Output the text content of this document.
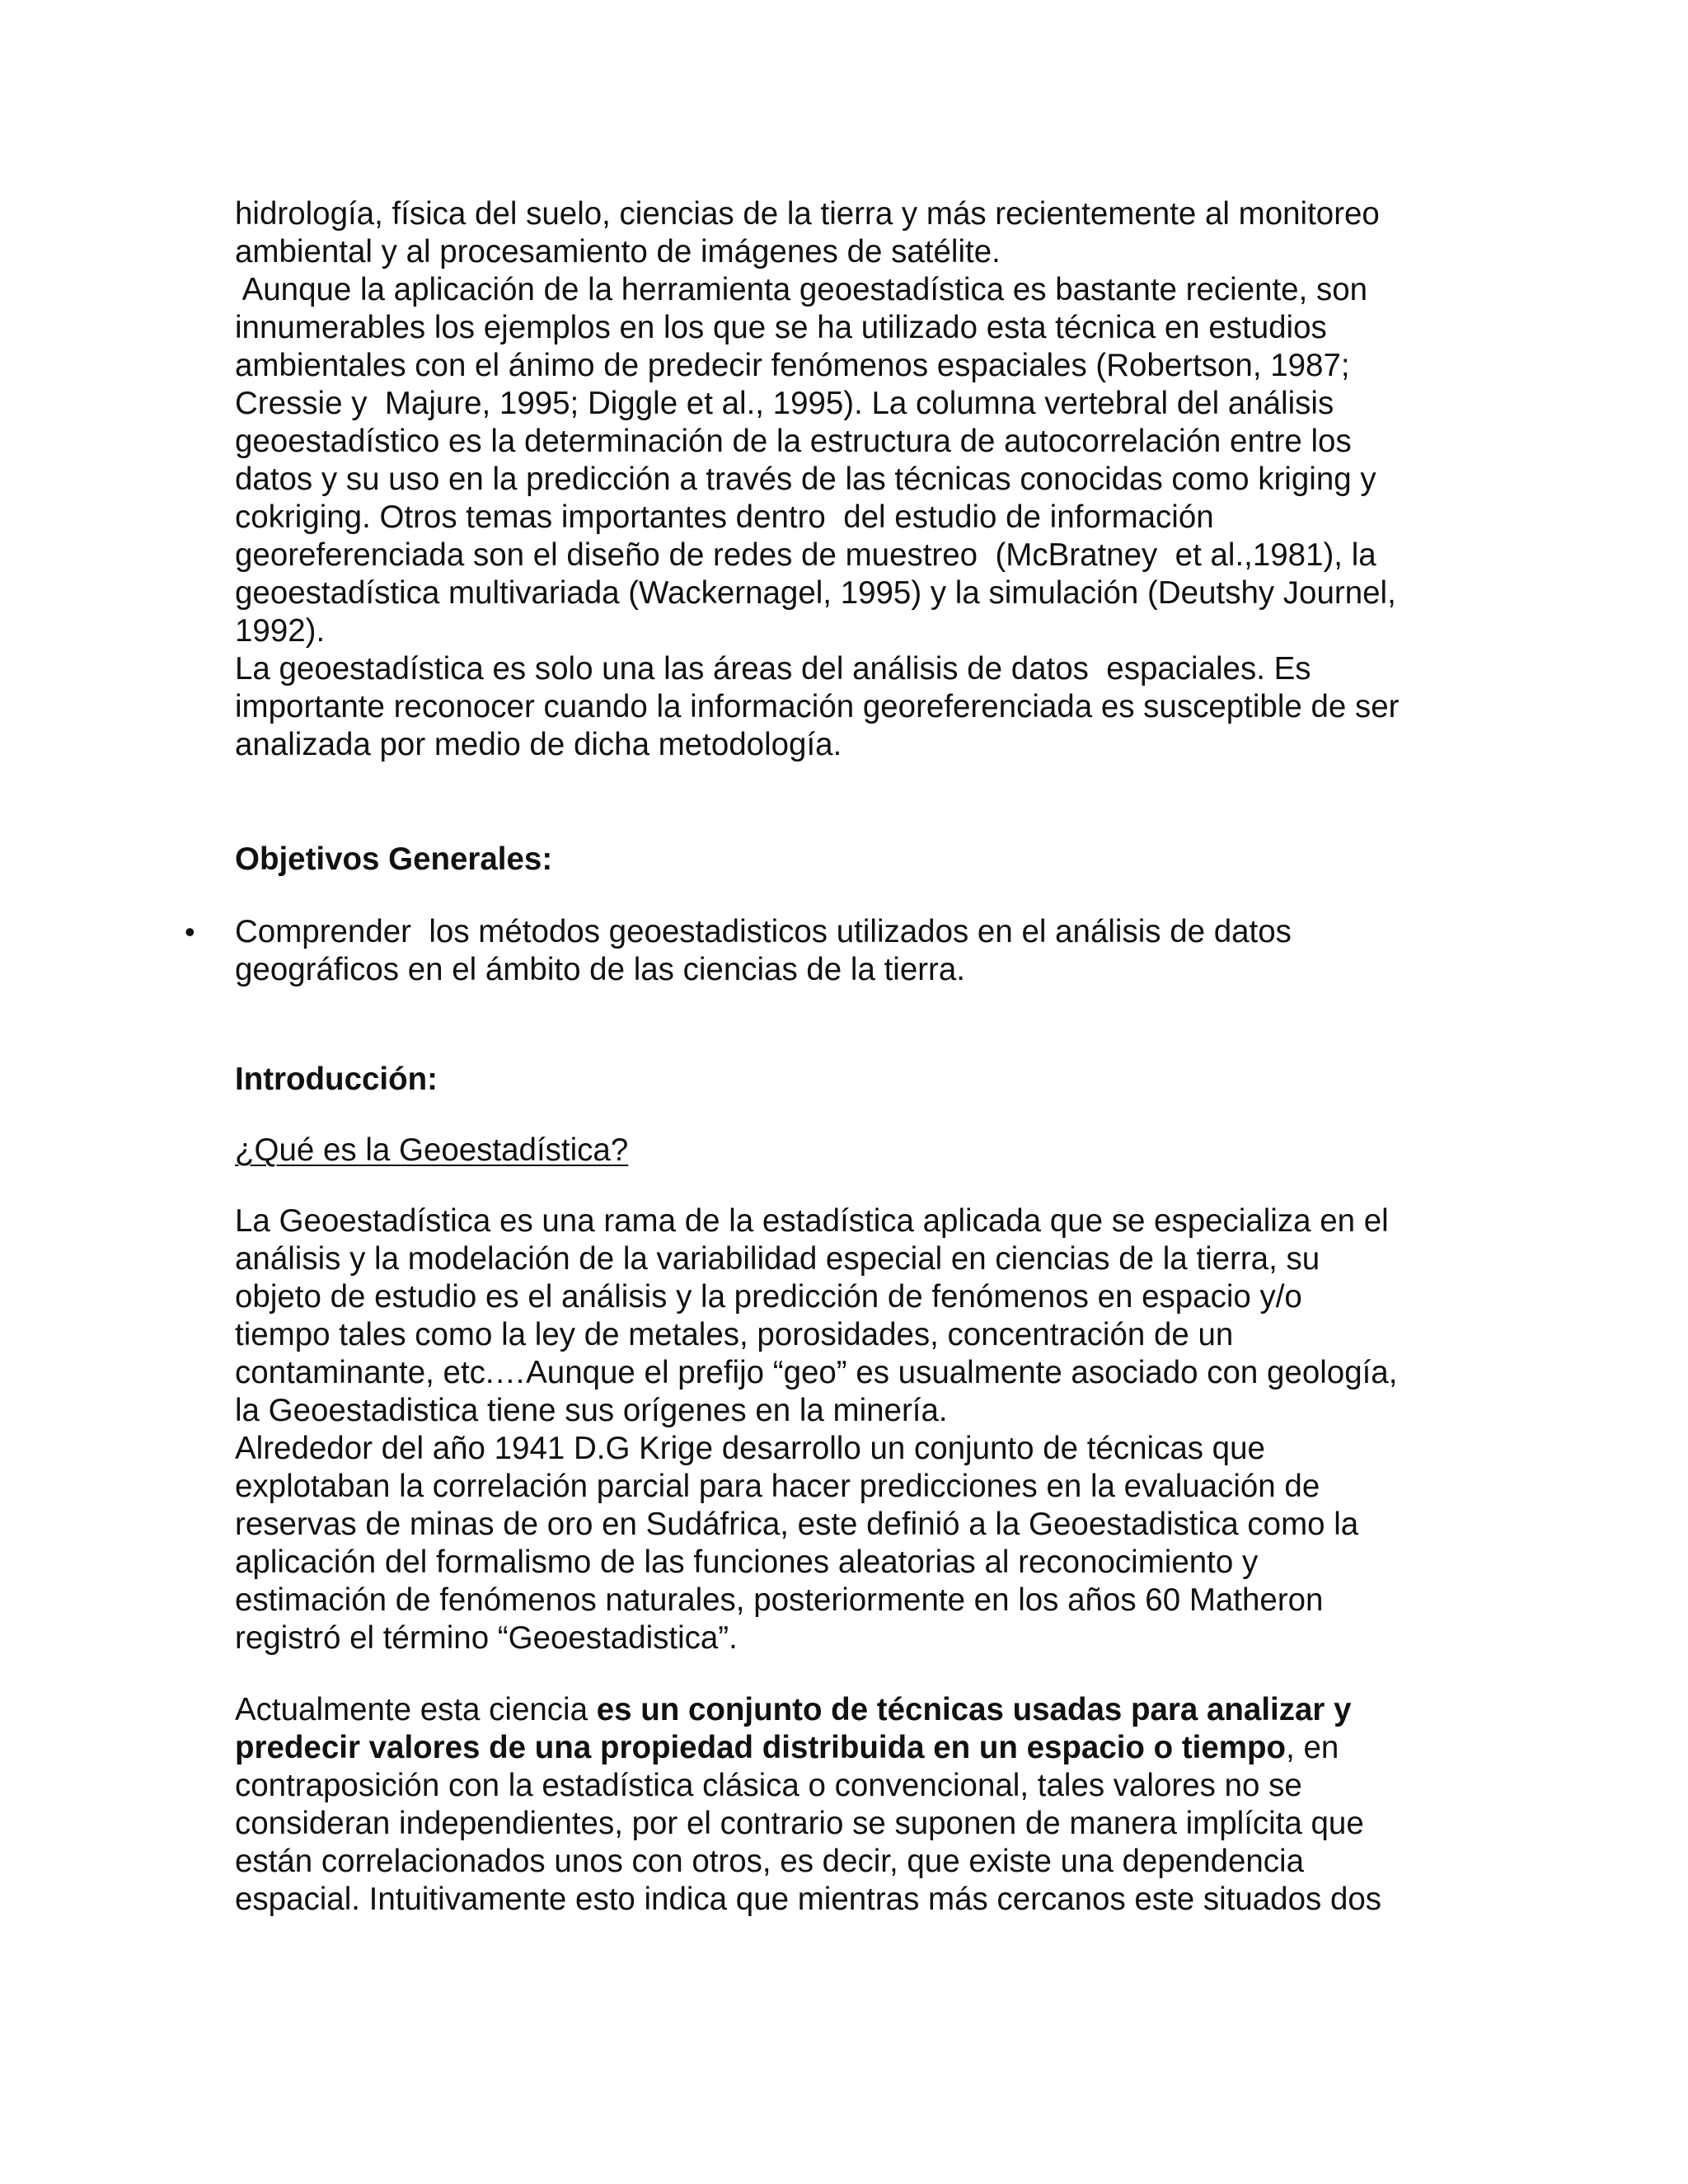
hidrología, física del suelo, ciencias de la tierra y más recientemente al monitoreo

ambiental y al procesamiento de imágenes de satélite.

Aunque la aplicación de la herramienta geoestadística es bastante reciente, son

innumerables los ejemplos en los que se ha utilizado esta técnica en estudios

ambientales con el ánimo de predecir fenómenos espaciales (Robertson, 1987;

Cressie y  Majure, 1995; Diggle et al., 1995). La columna vertebral del análisis

geoestadístico es la determinación de la estructura de autocorrelación entre los

datos y su uso en la predicción a través de las técnicas conocidas como kriging y

cokriging. Otros temas importantes dentro  del estudio de información

georeferenciada son el diseño de redes de muestreo  (McBratney  et al.,1981), la

geoestadística multivariada (Wackernagel, 1995) y la simulación (Deutshy Journel,

1992).

La geoestadística es solo una las áreas del análisis de datos  espaciales. Es

importante reconocer cuando la información georeferenciada es susceptible de ser

analizada por medio de dicha metodología.

Objetivos Generales:

• Comprender  los métodos geoestadisticos utilizados en el análisis de datos

geográficos en el ámbito de las ciencias de la tierra.

Introducción:

¿Qué es la Geoestadística?

La Geoestadística es una rama de la estadística aplicada que se especializa en el

análisis y la modelación de la variabilidad especial en ciencias de la tierra, su

objeto de estudio es el análisis y la predicción de fenómenos en espacio y/o

tiempo tales como la ley de metales, porosidades, concentración de un

contaminante, etc.…Aunque el prefijo “geo” es usualmente asociado con geología,

la Geoestadistica tiene sus orígenes en la minería.

Alrededor del año 1941 D.G Krige desarrollo un conjunto de técnicas que

explotaban la correlación parcial para hacer predicciones en la evaluación de

reservas de minas de oro en Sudáfrica, este definió a la Geoestadistica como la

aplicación del formalismo de las funciones aleatorias al reconocimiento y

estimación de fenómenos naturales, posteriormente en los años 60 Matheron

registró el término “Geoestadistica”.

Actualmente esta ciencia es un conjunto de técnicas usadas para analizar y

predecir valores de una propiedad distribuida en un espacio o tiempo, en

contraposición con la estadística clásica o convencional, tales valores no se

consideran independientes, por el contrario se suponen de manera implícita que

están correlacionados unos con otros, es decir, que existe una dependencia

espacial. Intuitivamente esto indica que mientras más cercanos este situados dos
